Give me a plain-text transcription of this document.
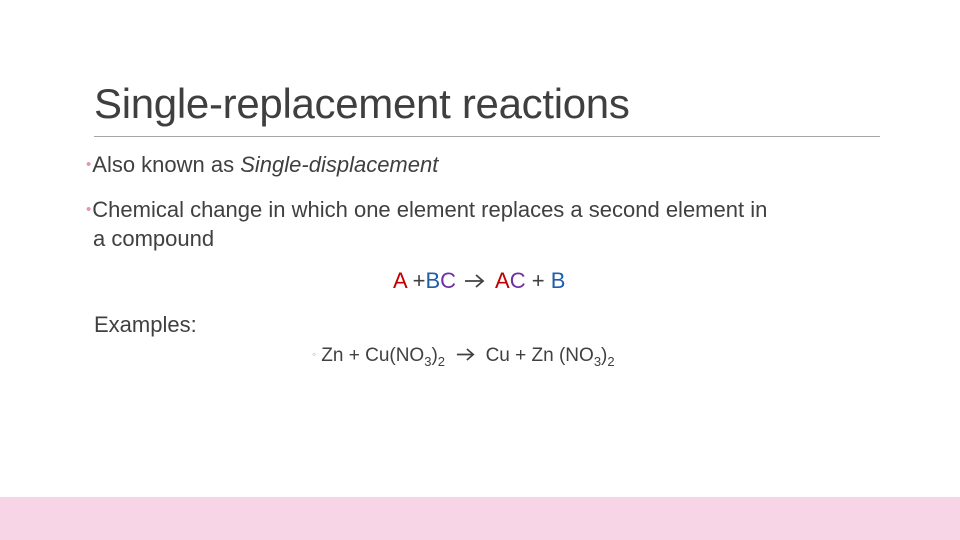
Single-replacement reactions
•Also known as Single-displacement
•Chemical change in which one element replaces a second element in
a compound
A +BC AC + B
Examples:
◦ $Zn + Cu(NO_3)_2$ Cu + Zn $(NO_3)_2$
